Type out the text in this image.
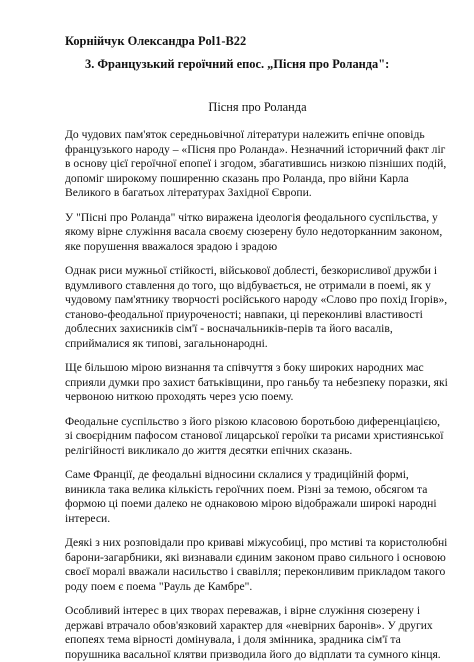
Корнійчук Олександра Pol1-B22
3. Французький героїчний епос. „Пісня про Роланда":
Пісня про Роланда

До чудових пам'яток середньовічної літератури належить епічне оповідь французького народу – «Пісня про Роланда». Незначний історичний факт ліг в основу цієї героїчної епопеї і згодом, збагатившись низкою пізніших подій, допоміг широкому поширенню сказань про Роланда, про війни Карла Великого в багатьох літературах Західної Європи.

У "Пісні про Роланда" чітко виражена ідеологія феодального суспільства, у якому вірне служіння васала своєму сюзерену було недоторканним законом, яке порушення вважалося зрадою і зрадою

Однак риси мужньої стійкості, військової доблесті, безкорисливої дружби і вдумливого ставлення до того, що відбувається, не отримали в поемі, як у чудовому пам'ятнику творчості російського народу «Слово про похід Ігорів», становo-феодальної приуроченості; навпаки, ці переконливі властивості доблесних захисників сім'ї - восначальників-перів та його васалів, сприймалися як типові, загальнонародні.

Ще більшою мірою визнання та співчуття з боку широких народних мас сприяли думки про захист батьківщини, про ганьбу та небезпеку поразки, які червоною ниткою проходять через усю поему.

Феодальне суспільство з його різкою класовою боротьбою диференціацією, зі своєрідним пафосом станової лицарської героїки та рисами християнської релігійності викликало до життя десятки епічних сказань.

Саме Франції, де феодальні відносини склалися у традиційній формі, виникла така велика кількість героїчних поем. Різні за темою, обсягом та формою ці поеми далеко не однаковою мірою відображали широкі народні інтереси.

Деякі з них розповідали про криваві міжусобиці, про мстиві та користолюбні барони-загарбники, які визнавали єдиним законом право сильного і основою своєї моралі вважали насильство і свавілля; переконливим прикладом такого роду поем є поема "Рауль де Камбре".

Особливий інтерес в цих творах переважав, і вірне служіння сюзерену і державі втрачало обов'язковий характер для «невірних баронів». У других епопеях тема вірності домінувала, і доля змінника, зрадника сім'ї та порушника васальної клятви призводила його до відплати та сумного кінця.
